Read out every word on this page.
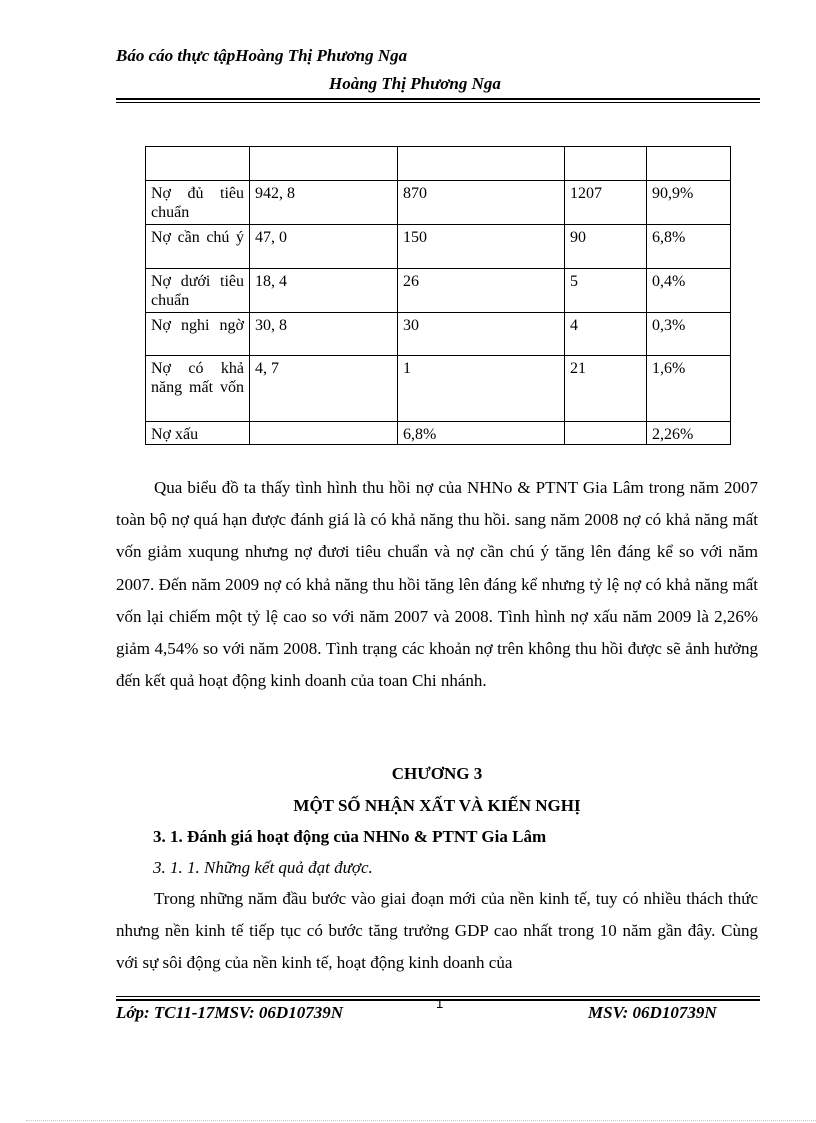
Báo cáo thực tậpHoàng Thị Phương Nga
Hoàng Thị Phương Nga

Nợ đủ tiêu chuẩn	942, 8	870	1207	90,9%
Nợ cần chú ý	47, 0	150	90	6,8%
Nợ dưới tiêu chuẩn	18, 4	26	5	0,4%
Nợ nghi ngờ	30, 8	30	4	0,3%
Nợ có khả năng mất vốn	4, 7	1	21	1,6%
Nợ xấu		6,8%		2,26%
Qua biểu đồ ta thấy tình hình thu hồi nợ của NHNo & PTNT Gia Lâm trong năm 2007 toàn bộ nợ quá hạn được đánh giá là có khả năng thu hồi. sang năm 2008 nợ có khả năng mất vốn giảm xuqung nhưng nợ đươi tiêu chuẩn và nợ cần chú ý tăng lên đáng kể so với năm 2007. Đến năm 2009 nợ có khả năng thu hồi tăng lên đáng kể nhưng tỷ lệ nợ có khả năng mất vốn lại chiếm một tỷ lệ cao so với năm 2007 và 2008. Tình hình nợ xấu năm 2009 là 2,26% giảm 4,54% so với năm 2008. Tình trạng các khoản nợ trên không thu hồi được sẽ ảnh hưởng đến kết quả hoạt động kinh doanh của toan Chi nhánh.
CHƯƠNG 3
MỘT SỐ NHẬN XẤT VÀ KIẾN NGHỊ
3. 1. Đánh giá hoạt động của NHNo & PTNT Gia Lâm
3. 1. 1. Những kết quả đạt được.
Trong những năm đầu bước vào giai đoạn mới của nền kinh tế, tuy có nhiều thách thức nhưng nền kinh tế tiếp tục có bước tăng trưởng GDP cao nhất trong 10 năm gần đây. Cùng với sự sôi động của nền kinh tế, hoạt động kinh doanh của
1
Lớp: TC11-17MSV: 06D10739N	MSV: 06D10739N
